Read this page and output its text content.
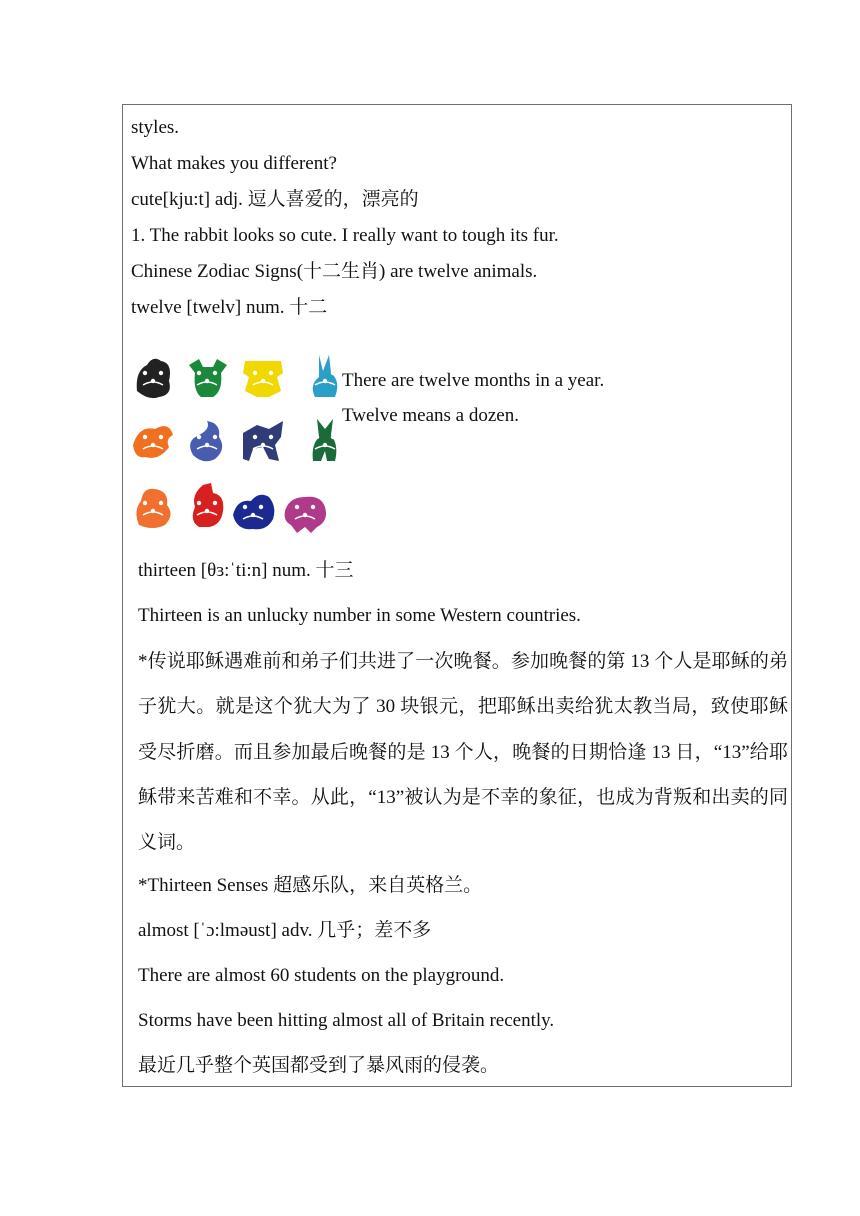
styles.
What makes you different?
cute[kju:t] adj. 逗人喜爱的，漂亮的
1. The rabbit looks so cute. I really want to tough its fur.
Chinese Zodiac Signs(十二生肖) are twelve animals.
twelve [twelv] num. 十二
There are twelve months in a year.
Twelve means a dozen.
thirteen [θɜ:ˈti:n] num. 十三
Thirteen is an unlucky number in some Western countries.
*传说耶稣遇难前和弟子们共进了一次晚餐。参加晚餐的第 13 个人是耶稣的弟子犹大。就是这个犹大为了 30 块银元，把耶稣出卖给犹太教当局，致使耶稣受尽折磨。而且参加最后晚餐的是 13 个人，晚餐的日期恰逢 13 日，“13”给耶稣带来苦难和不幸。从此，“13”被认为是不幸的象征，也成为背叛和出卖的同义词。
*Thirteen Senses 超感乐队，来自英格兰。
almost [ˈɔ:lməust] adv. 几乎；差不多
There are almost 60 students on the playground.
Storms have been hitting almost all of Britain recently.
最近几乎整个英国都受到了暴风雨的侵袭。
